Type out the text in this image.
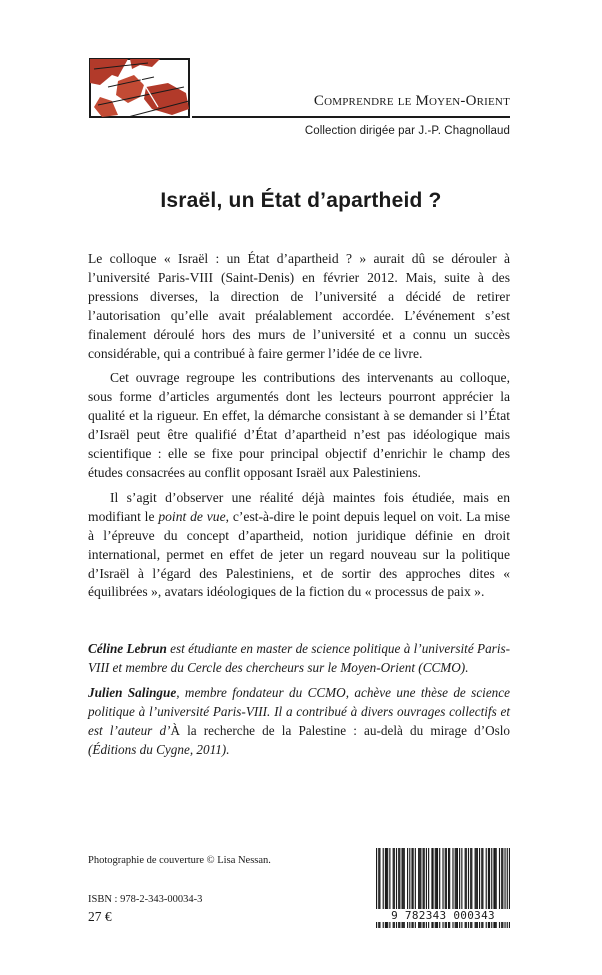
Comprendre le Moyen-Orient
Collection dirigée par J.-P. Chagnollaud
Israël, un État d’apartheid ?

Le colloque « Israël : un État d’apartheid ? » aurait dû se dérouler à l’université Paris-VIII (Saint-Denis) en février 2012. Mais, suite à des pressions diverses, la direction de l’université a décidé de retirer l’autorisation qu’elle avait préalablement accordée. L’événement s’est finalement déroulé hors des murs de l’université et a connu un succès considérable, qui a contribué à faire germer l’idée de ce livre.

Cet ouvrage regroupe les contributions des intervenants au colloque, sous forme d’articles argumentés dont les lecteurs pourront apprécier la qualité et la rigueur. En effet, la démarche consistant à se demander si l’État d’Israël peut être qualifié d’État d’apartheid n’est pas idéologique mais scientifique : elle se fixe pour principal objectif d’enrichir le champ des études consacrées au conflit opposant Israël aux Palestiniens.

Il s’agit d’observer une réalité déjà maintes fois étudiée, mais en modifiant le point de vue, c’est-à-dire le point depuis lequel on voit. La mise à l’épreuve du concept d’apartheid, notion juridique définie en droit international, permet en effet de jeter un regard nouveau sur la politique d’Israël à l’égard des Palestiniens, et de sortir des approches dites « équilibrées », avatars idéologiques de la fiction du « processus de paix ».

Céline Lebrun est étudiante en master de science politique à l’université Paris-VIII et membre du Cercle des chercheurs sur le Moyen-Orient (CCMO).

Julien Salingue, membre fondateur du CCMO, achève une thèse de science politique à l’université Paris-VIII. Il a contribué à divers ouvrages collectifs et est l’auteur d’À la recherche de la Palestine : au-delà du mirage d’Oslo (Éditions du Cygne, 2011).

Photographie de couverture © Lisa Nessan.
ISBN : 978-2-343-00034-3
27 €	9 782343 000343
